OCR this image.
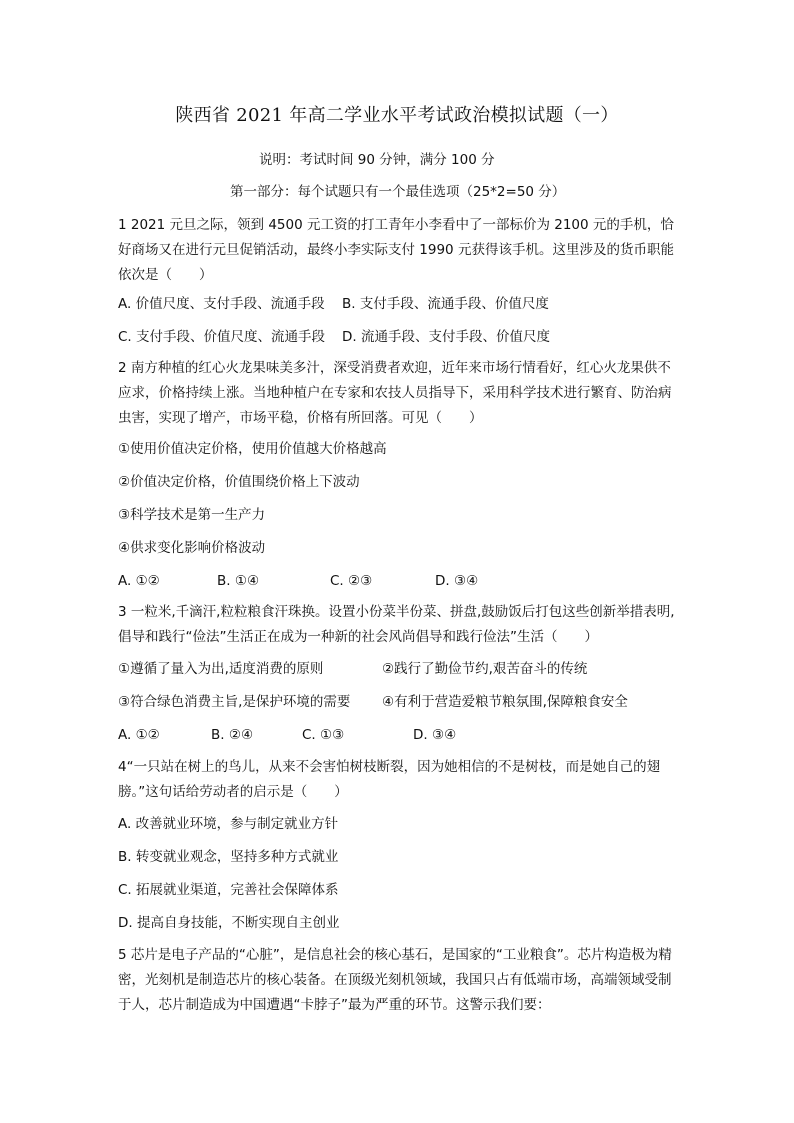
陕西省 2021 年高二学业水平考试政治模拟试题（一）
说明：考试时间 90 分钟，满分 100 分
第一部分：每个试题只有一个最佳选项（25*2=50 分）
1 2021 元旦之际，领到 4500 元工资的打工青年小李看中了一部标价为 2100 元的手机，恰好商场又在进行元旦促销活动，最终小李实际支付 1990 元获得该手机。这里涉及的货币职能依次是（　　）
A. 价值尺度、支付手段、流通手段 B. 支付手段、流通手段、价值尺度
C. 支付手段、价值尺度、流通手段 D. 流通手段、支付手段、价值尺度
2 南方种植的红心火龙果味美多汁，深受消费者欢迎，近年来市场行情看好，红心火龙果供不应求，价格持续上涨。当地种植户在专家和农技人员指导下，采用科学技术进行繁育、防治病虫害，实现了增产，市场平稳，价格有所回落。可见（　　）
①使用价值决定价格，使用价值越大价格越高
②价值决定价格，价值围绕价格上下波动
③科学技术是第一生产力
④供求变化影响价格波动
A. ①②	B. ①④	C. ②③	D. ③④
3 一粒米,千滴汗,粒粒粮食汗珠换。设置小份菜半份菜、拼盘,鼓励饭后打包这些创新举措表明,倡导和践行“俭法”生活正在成为一种新的社会风尚倡导和践行俭法”生活（　　）
①遵循了量入为出,适度消费的原则	②践行了勤俭节约,艰苦奋斗的传统
③符合绿色消费主旨,是保护环境的需要 ④有利于营造爱粮节粮氛围,保障粮食安全
A. ①②	B. ②④	C. ①③	D. ③④
4“一只站在树上的鸟儿，从来不会害怕树枝断裂，因为她相信的不是树枝，而是她自己的翅膀。”这句话给劳动者的启示是（　　）
A. 改善就业环境，参与制定就业方针
B. 转变就业观念，坚持多种方式就业
C. 拓展就业渠道，完善社会保障体系
D. 提高自身技能，不断实现自主创业
5 芯片是电子产品的“心脏”，是信息社会的核心基石，是国家的“工业粮食”。芯片构造极为精密，光刻机是制造芯片的核心装备。在顶级光刻机领域，我国只占有低端市场，高端领域受制于人，芯片制造成为中国遭遇“卡脖子”最为严重的环节。这警示我们要：
